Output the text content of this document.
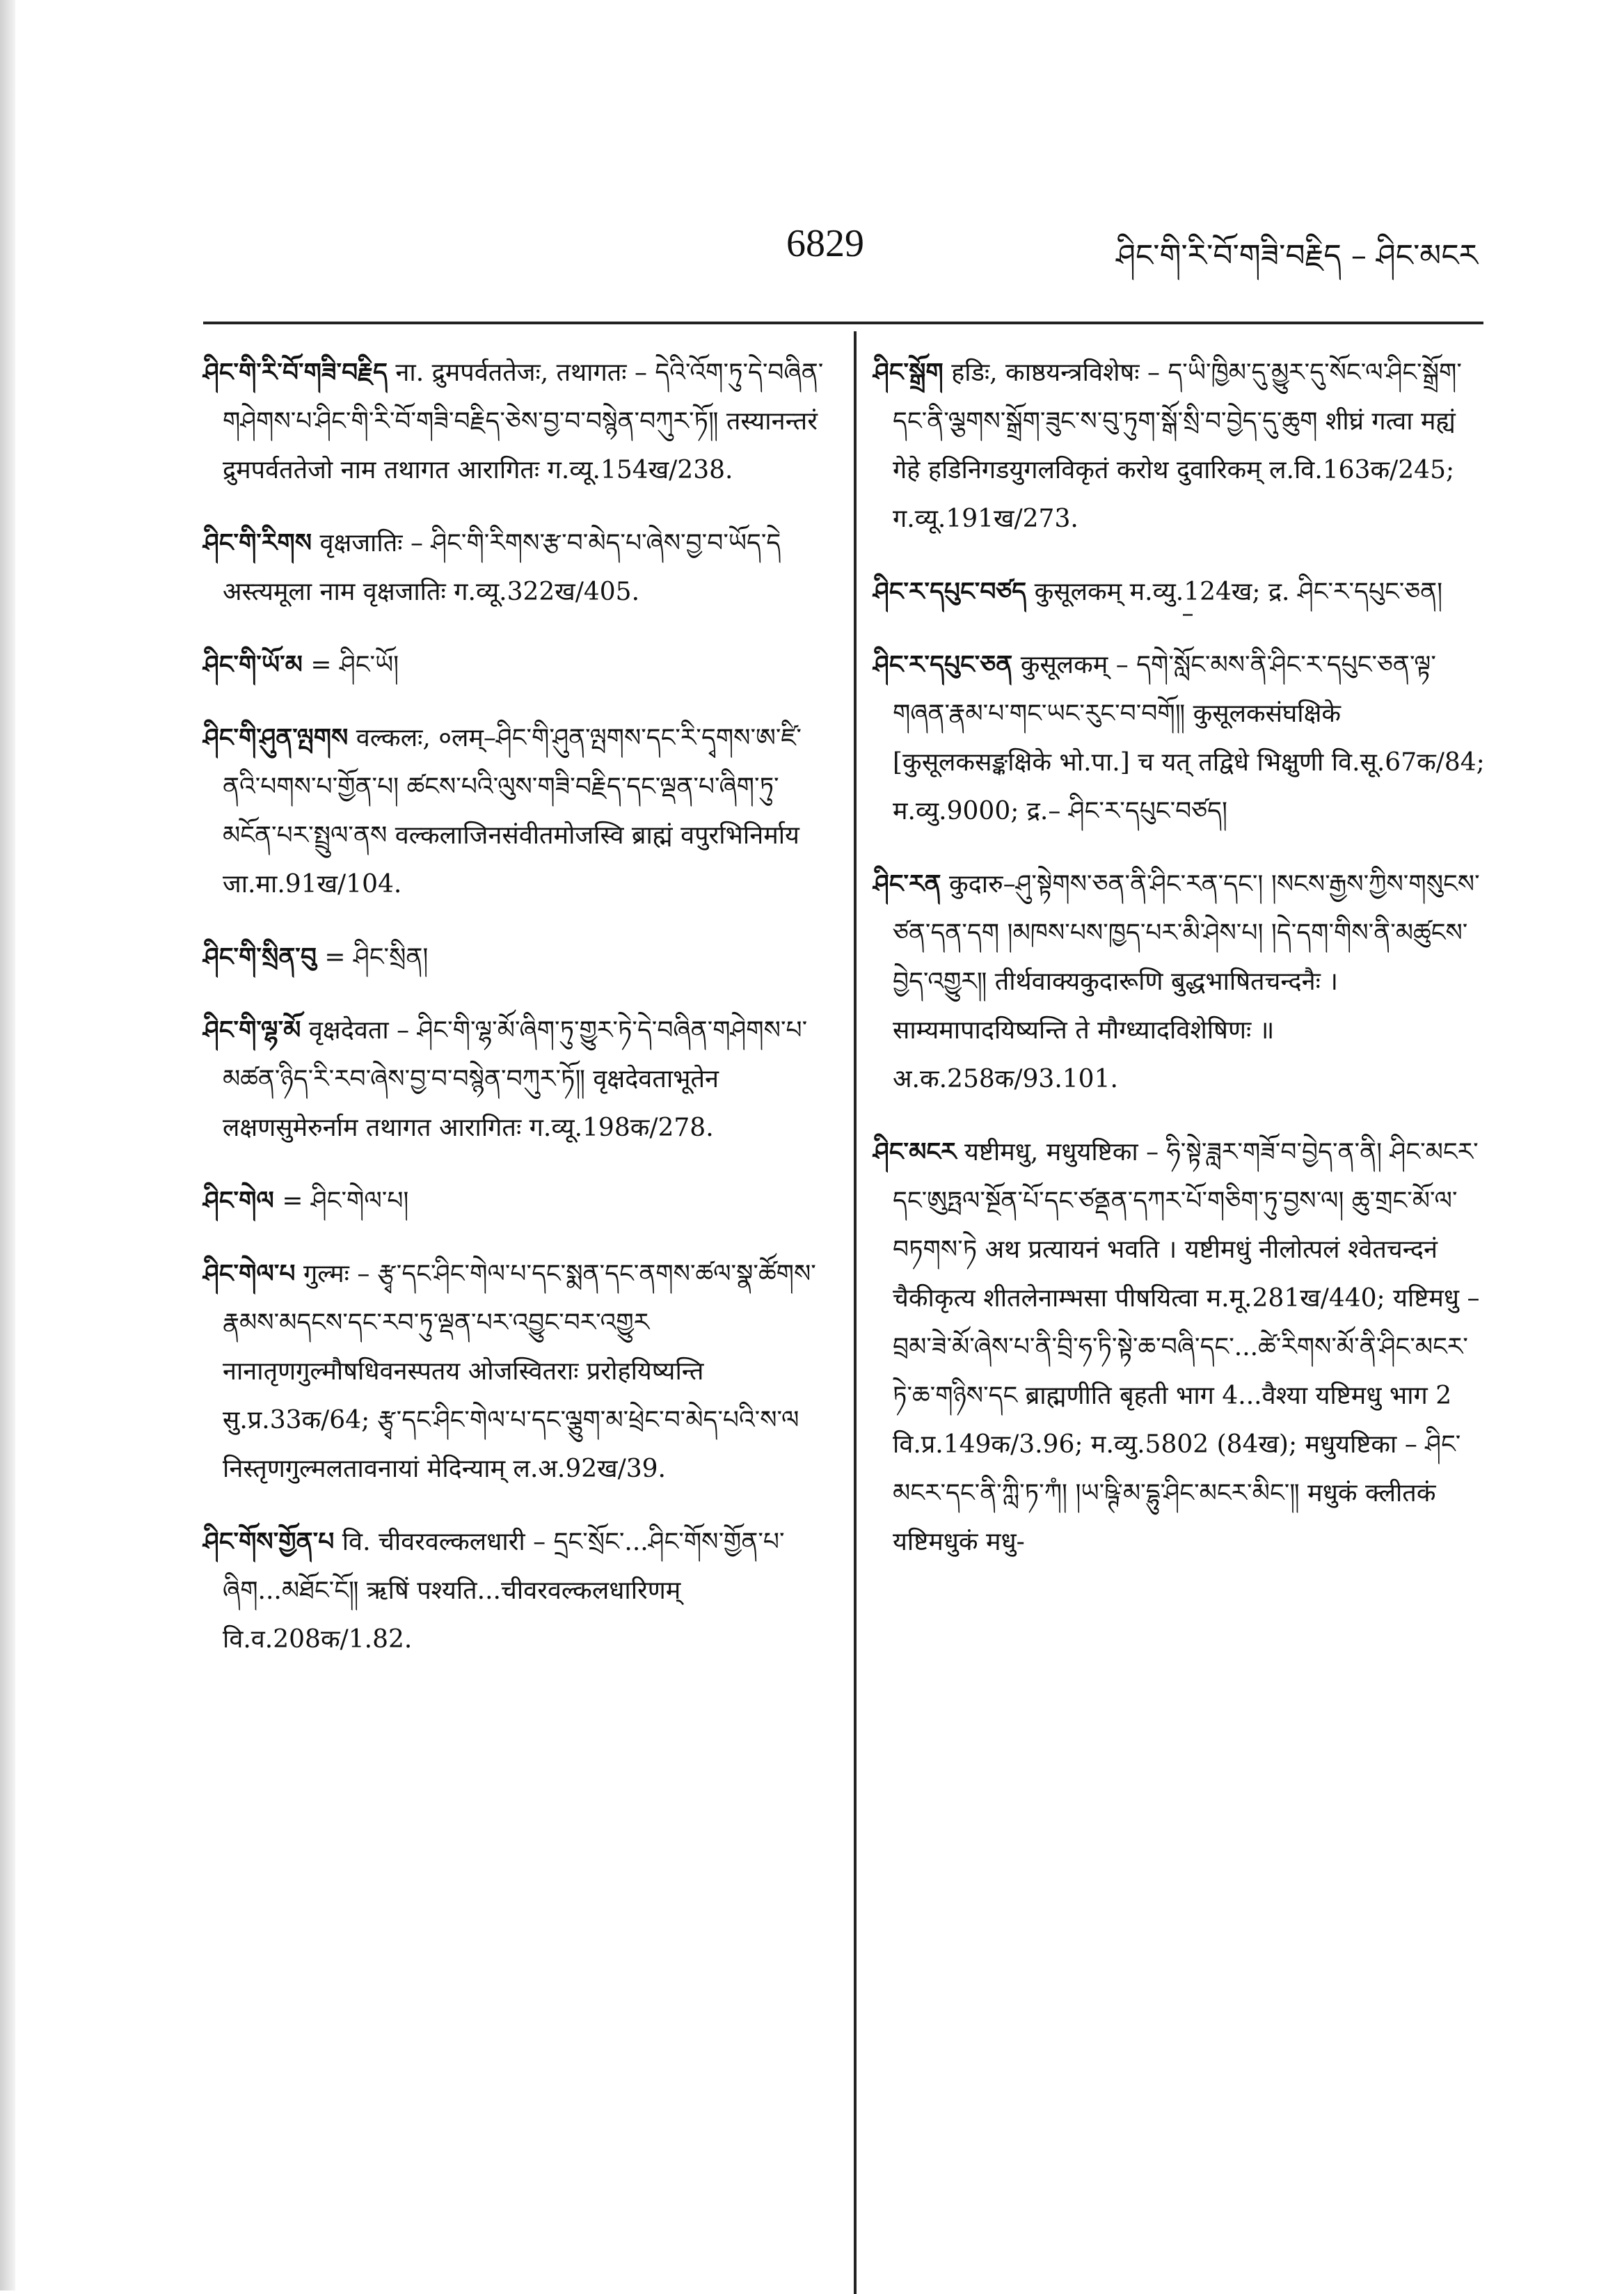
6829	ཤིང་གི་རི་བོ་གཟི་བརྗིད – ཤིང་མངར
ཤིང་གི་རི་བོ་གཟི་བརྗིད ना. द्रुमपर्वततेजः, तथागतः – དེའི་འོག་ཏུ་དེ་བཞིན་གཤེགས་པ་ཤིང་གི་རི་བོ་གཟི་བརྗིད་ཅེས་བྱ་བ་བསྙེན་བཀུར་ཏོ༎ तस्यानन्तरं द्रुमपर्वततेजो नाम तथागत आरागितः ग.व्यू.154ख/238.
ཤིང་གི་རིགས वृक्षजातिः – ཤིང་གི་རིགས་རྩ་བ་མེད་པ་ཞེས་བྱ་བ་ཡོད་དེ अस्त्यमूला नाम वृक्षजातिः ग.व्यू.322ख/405.
ཤིང་གི་ཡོ་མ = ཤིང་ཡོ།
ཤིང་གི་ཤུན་ལྤགས वल्कलः, ०लम्–ཤིང་གི་ཤུན་ལྤགས་དང་རི་དྭགས་ཨ་ཛི་ནའི་པགས་པ་གྱོན་པ། ཚངས་པའི་ལུས་གཟི་བརྗིད་དང་ལྡན་པ་ཞིག་ཏུ་མངོན་པར་སྤྲུལ་ནས वल्कलाजिनसंवीतमोजस्वि ब्राह्मं वपुरभिनिर्माय जा.मा.91ख/104.
ཤིང་གི་སྲིན་བུ = ཤིང་སྲིན།
ཤིང་གི་ལྷ་མོ वृक्षदेवता – ཤིང་གི་ལྷ་མོ་ཞིག་ཏུ་གྱུར་ཏེ་དེ་བཞིན་གཤེགས་པ་མཚན་ཉིད་རི་རབ་ཞེས་བྱ་བ་བསྙེན་བཀུར་ཏོ༎ वृक्षदेवताभूतेन लक्षणसुमेरुर्नाम तथागत आरागितः ग.व्यू.198क/278.
ཤིང་གེལ = ཤིང་གེལ་པ།
ཤིང་གེལ་པ गुल्मः – རྩྭ་དང་ཤིང་གེལ་པ་དང་སྨན་དང་ནགས་ཚལ་སྣ་ཚོགས་རྣམས་མདངས་དང་རབ་ཏུ་ལྡན་པར་འབྱུང་བར་འགྱུར नानातृणगुल्मौषधिवनस्पतय ओजस्वितराः प्ररोहयिष्यन्ति सु.प्र.33क/64; རྩྭ་དང་ཤིང་གེལ་པ་དང་ལྕུག་མ་ཕྲེང་བ་མེད་པའི་ས་ལ निस्तृणगुल्मलतावनायां मेदिन्याम् ल.अ.92ख/39.
ཤིང་གོས་གྱོན་པ वि. चीवरवल्कलधारी – དྲང་སྲོང་...ཤིང་གོས་གྱོན་པ་ཞིག...མཐོང་ངོ༎ ऋषिं पश्यति...चीवरवल्कलधारिणम् वि.व.208क/1.82.
ཤིང་སྒྲོག हडिः, काष्ठयन्त्रविशेषः – ད་ཡི་ཁྱིམ་དུ་མྱུར་དུ་སོང་ལ་ཤིང་སྒྲོག་དང་ནི་ལྕགས་སྒྲོག་ཟུང་ས་བུ་ཏུག་སྒོ་སྲི་བ་བྱེད་དུ་ཆུག शीघ्रं गत्वा मह्यं गेहे हडिनिगडयुगलविकृतं करोथ दुवारिकम् ल.वि.163क/245; ग.व्यू.191ख/273.
ཤིང་ར་དཔུང་བཙད कुसूलकम् म.व्यु.124ख; द्र. ཤིང་ར་དཔུང་ཅན།
ཤིང་ར་དཔུང་ཅན कुसूलकम् – དགེ་སློང་མས་ནི་ཤིང་ར་དཔུང་ཅན་ལྟ་གཞན་རྣམ་པ་གང་ཡང་རུང་བ་བགོ༎ कुसूलकसंघक्षिके [कुसूलकसङ्कक्षिके भो.पा.] च यत् तद्विधे भिक्षुणी वि.सू.67क/84; म.व्यु.9000; द्र.– ཤིང་ར་དཔུང་བཙད།
ཤིང་རན कुदारु–ཤུ་སྟེགས་ཅན་ནི་ཤིང་རན་དང་། །སངས་རྒྱས་ཀྱིས་གསུངས་ཙན་དན་དག །མཁས་པས་ཁྱད་པར་མི་ཤེས་པ། །དེ་དག་གིས་ནི་མཚུངས་བྱེད་འགྱུར༎ तीर्थवाक्यकुदारूणि बुद्धभाषितचन्दनैः । साम्यमापादयिष्यन्ति ते मौग्ध्यादविशेषिणः ॥ अ.क.258क/93.101.
ཤིང་མངར यष्टीमधु, मधुयष्टिका – ཧི་སྟེ་ཟླར་གཟོ་བ་བྱེད་ན་ནི། ཤིང་མངར་དང་ཨུཏྤལ་སྔོན་པོ་དང་ཙནྡན་དཀར་པོ་གཅིག་ཏུ་བྱས་ལ། ཆུ་གྲང་མོ་ལ་བཏགས་ཏེ अथ प्रत्यायनं भवति । यष्टीमधुं नीलोत्पलं श्वेतचन्दनं चैकीकृत्य शीतलेनाम्भसा पीषयित्वा म.मू.281ख/440; यष्टिमधु – བྲམ་ཟེ་མོ་ཞེས་པ་ནི་བྲི་ཧ་ཏི་སྟེ་ཆ་བཞི་དང་...ཚེ་རིགས་མོ་ནི་ཤིང་མངར་ཏེ་ཆ་གཉིས་དང ब्राह्मणीति बृहती भाग 4...वैश्या यष्टिमधु भाग 2 वि.प्र.149क/3.96; म.व्यु.5802 (84ख); मधुयष्टिका – ཤིང་མངར་དང་ནི་ཀླི་ཏ་ཀཾ། །ཡ་ཥྚི་མ་དྷུ་ཤིང་མངར་མིང༌༎ मधुकं क्लीतकं यष्टिमधुकं मधु-
